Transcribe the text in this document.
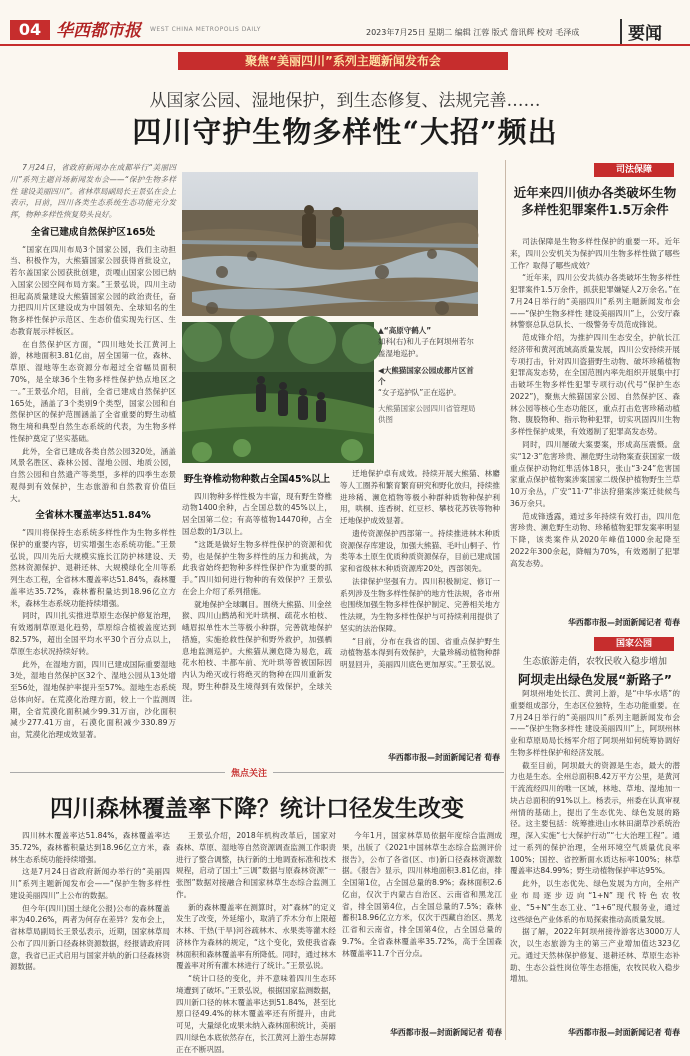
04 华西都市报 WEST CHINA METROPOLIS DAILY	2023年7月25日 星期二 编辑 江蓉 版式 詹讯辉 校对 毛泽成	要闻
聚焦“美丽四川”系列主题新闻发布会
从国家公园、湿地保护，到生态修复、法规完善……
四川守护生物多样性“大招”频出

7月24日，省政府新闻办在成都举行“美丽四川”系列主题首场新闻发布会——“保护生物多样性 建设美丽四川”。省林草局副局长王景弘在会上表示，目前，四川各类生态系统生态功能充分发挥，物种多样性恢复势头良好。

全省已建成自然保护区165处

“国家在四川布局3个国家公园，我们主动担当、积极作为，大熊猫国家公园获得首批设立，若尔盖国家公园获批创建，贡嘎山国家公园已纳入国家公园空间布局方案。”王景弘说，四川主动担起高质量建设大熊猫国家公园的政治责任，奋力把四川片区建设成为中国领先、全球知名的生物多样性保护示范区、生态价值实现先行区、生态教育展示样板区。

在自然保护区方面，“四川地处长江黄河上游，林地面积3.81亿亩，居全国第一位，森林、草原、湿地等生态资源分布超过全省幅员面积70%，是全球36个生物多样性保护热点地区之一。”王景弘介绍，目前，全省已建成自然保护区165处，涵盖了3个类别9个类型，国家公园和自然保护区的保护范围涵盖了全省重要的野生动植物生境和典型自然生态系统的代表，为生物多样性保护奠定了坚实基础。

此外，全省已建成各类自然公园320处，涵盖风景名胜区、森林公园、湿地公园、地质公园，自然公园和自然遗产等类型，多样的四季生态景观得到有效保护，生态旅游和自然教育价值巨大。

全省林木覆盖率达51.84%

“四川将保持生态系统多样性作为生物多样性保护的重要内容，切实增强生态系统功能。”王景弘说，四川先后大规模实施长江防护林建设、天然林资源保护、退耕还林、大规模绿化全川等系列生态工程，全省林木覆盖率达51.84%，森林覆盖率达35.72%，森林蓄积量达到18.96亿立方米，森林生态系统功能持续增强。

同时，四川扎实推进草原生态保护修复治理，有效遏制草原退化趋势，草原综合植被盖度达到82.57%，超出全国平均水平30个百分点以上，草原生态状况持续好转。

此外，在湿地方面，四川已建成国际重要湿地3处，湿地自然保护区32个、湿地公园从13处增至56处，湿地保护率提升至57%。湿地生态系统总体向好。在荒漠化治理方面，较上一个监测周期，全省荒漠化面积减少99.31万亩，沙化面积减少277.41万亩，石漠化面积减少330.89万亩，荒漠化治理成效显著。

▲“高原守鹤人”
如科(右)和儿子在阿坝州若尔盖湿地巡护。
◀大熊猫国家公园成都片区首个
“女子巡护队”正在巡护。
大熊猫国家公园四川省管理局供图
野生脊椎动物种数占全国45%以上

四川物种多样性极为丰富，现有野生脊椎动物1400余种，占全国总数的45%以上，居全国第二位；有高等植物14470种，占全国总数的1/3以上。

“这既是做好生物多样性保护的资源和优势，也是保护生物多样性的压力和挑战，为此我省始终把物种多样性保护作为重要的抓手。”四川如何进行物种的有效保护？王景弘在会上介绍了系列措施。

就地保护全球瞩目。围绕大熊猫、川金丝猴、四川山鹧鸪和光叶珙桐、疏花水柏枝、峨眉拟单性木兰等极小种群，完善就地保护措施，实施抢救性保护和野外救护，加强栖息地监测巡护。大熊猫从濒危降为易危，疏花水柏枝、丰都车前、光叶珙等曾被国际因内认为绝灭或行将绝灭的物种在四川重新发现，野生种群及生境得到有效保护，全球关注。

迁地保护卓有成效。持续开展大熊猫、林麝等人工圈养和繁育繁育研究和野化放归，持续推进珍稀、濒危植物等极小种群种质物种保护利用，哄桐、连香树、红豆杉、攀枝花苏铁等物种迁地保护成效显著。

遗传资源保护西部第一。持续推进林木种质资源保存库建设，加强大熊猫、毛叶山桐子、竹类等本土原生优质种质资源保存，目前已建成国家和省级林木种质资源库20处，西部领先。

法律保护坚强有力。四川积极制定、修订一系列涉及生物多样性保护的地方性法规，各市州也围绕加强生物多样性保护制定、完善相关地方性法规，为生物多样性保护与可持续利用提供了坚实的法治保障。

“目前，分布在我省的国、省重点保护野生动植物基本得到有效保护，大量珍稀动植物种群明显回升，美丽四川底色更加厚实。”王景弘说。

华西都市报—封面新闻记者 荀春
司法保障
近年来四川侦办各类破坏生物多样性犯罪案件1.5万余件

司法保障是生物多样性保护的重要一环。近年来，四川公安机关为保护四川生物多样性做了哪些工作？取得了哪些成效？

“近年来，四川公安共侦办各类破坏生物多样性犯罪案件1.5万余件，抓获犯罪嫌疑人2万余名。”在7月24日举行的“美丽四川”系列主题新闻发布会——“保护生物多样性 建设美丽四川”上，公安厅森林警察总队总队长、一级警务专员范成锋说。

范成锋介绍，为推护四川生态安全，护航长江经济带和黄河流域高质量发展，四川公安持续开展专项打击，针对四川盗猎野生动物、破坏珍稀植物犯罪高发态势，在全国范围内率先组织开展集中打击破坏生物多样性犯罪专项行动(代号“保护生态2022”)，聚焦大熊猫国家公园、自然保护区、森林公园等核心生态功能区，重点打击危害珍稀动植物、腹股物种、指示物种犯罪，切实巩固四川生物多样性保护成果，有效遏制了犯罪高发态势。

同时，四川屡破大案要案，形成高压震慑。盘实“12·3”危害珍贵、濒危野生动物案查获国家一级重点保护动物红隼活体18只，张山“3·24”危害国家重点保护植物案涉案国家二级保护植物野生兰草10万余丛，广安“11·7”非法狩猎案涉案迁徙候鸟36万余只。

范成锋透露，通过多年持续有效打击，四川危害珍贵、濒危野生动物、珍稀植物犯罪发案率明显下降，该类案件从2020年峰值1000余起降至2022年300余起，降幅为70%，有效遏制了犯罪高发态势。

华西都市报—封面新闻记者 荀春
国家公园
生态旅游走俏，农牧民收入稳步增加
阿坝走出绿色发展“新路子”

阿坝州地处长江、黄河上游，是“中华水塔”的重要组成部分，生态区位独特，生态功能重要。在7月24日举行的“美丽四川”系列主题新闻发布会——“保护生物多样性 建设美丽四川”上，阿坝州林业和草原局局长杨军介绍了阿坝州如何统筹协调好生物多样性保护和经济发展。

截至目前，阿坝最大的资源是生态，最大的潜力也是生态。全州总面积8.42万平方公里，是黄河干流流经四川的唯一区域，林地、草地、湿地加一块占总面积的91%以上。杨表示，州委在认真审视州情的基础上，提出了生态优先、绿色发展的路径。这主要包括：统筹推进山水林田湖草沙系统治理，深入实施“七大保护行动”“七大治理工程”。通过一系列的保护治理，全州环境空气质量优良率100%；国控、省控断面水质达标率100%；林草覆盖率达84.99%；野生动植物保护率达95%。

此外，以生态优先、绿色发展为方向，全州产业布局逐步迈向“1+N”现代特色农牧业、“5+N”生态工业、“1+6”现代服务业，通过这些绿色产业体系的布局探索推动高质量发展。

据了解，2022年阿坝州接待游客达3000万人次，以生态旅游为主的第三产业增加值达323亿元。通过天然林保护修复、退耕还林、草原生态补助、生态公益性岗位等生态措施，农牧民收入稳步增加。

华西都市报—封面新闻记者 荀春
焦点关注
四川森林覆盖率下降？统计口径发生改变

四川林木覆盖率达51.84%，森林覆盖率达35.72%，森林蓄积量达到18.96亿立方米，森林生态系统功能持续增强。

这是7月24日省政府新闻办举行的“美丽四川”系列主题新闻发布会——“保护生物多样性 建设美丽四川”上公布的数据。

但今年(四川)国土绿化公报)公布的森林覆盖率为40.26%，两者为何存在差异？发布会上，省林草局副局长王景弘表示，近期，国家林草局公布了四川新口径森林资源数据，经报请政府同意，我省已正式启用与国家并轨的新口径森林资源数据。

王景弘介绍，2018年机构改革后，国家对森林、草原、湿地等自然资源调查监测工作职责进行了整合调整，执行新的土地调查标准和技术规程，启动了国土“三调”数据与原森林资源“一张图”数据对接融合和国家林草生态综合监测工作。

新的森林覆盖率在测算时，对“森林”的定义发生了改变，外延缩小，取消了乔木分布上限超木林、干热(干旱)河谷疏林木、水果类等灌木经济林作为森林的规定，“这个变化，致使我省森林面积和森林覆盖率有所降低。同时，通过林木覆盖率对所有灌木林进行了统计。”王景弘说。

“统计口径的变化，并不意味着四川生态环境遭到了破坏。”王景弘说，根据国家监测数据，四川新口径的林木覆盖率达到51.84%，甚至比原口径49.4%的林木覆盖率还有所提升，由此可见，大量绿化成果未纳入森林面积统计，美丽四川绿色本底依然存在，长江黄河上游生态屏障正在不断巩固。

今年1月，国家林草局依据年度综合监测成果，出版了《2021中国林草生态综合监测评价报告》，公布了各省(区、市)新口径森林资源数据。《报告》显示，四川林地面积3.81亿亩，排全国第1位，占全国总量的8.9%；森林面积2.6亿亩，仅次于内蒙古自治区、云南省和黑龙江省，排全国第4位，占全国总量的7.5%；森林蓄积18.96亿立方米，仅次于西藏自治区、黑龙江省和云南省，排全国第4位，占全国总量的9.7%。全省森林覆盖率35.72%，高于全国森林覆盖率11.7个百分点。

华西都市报—封面新闻记者 荀春
